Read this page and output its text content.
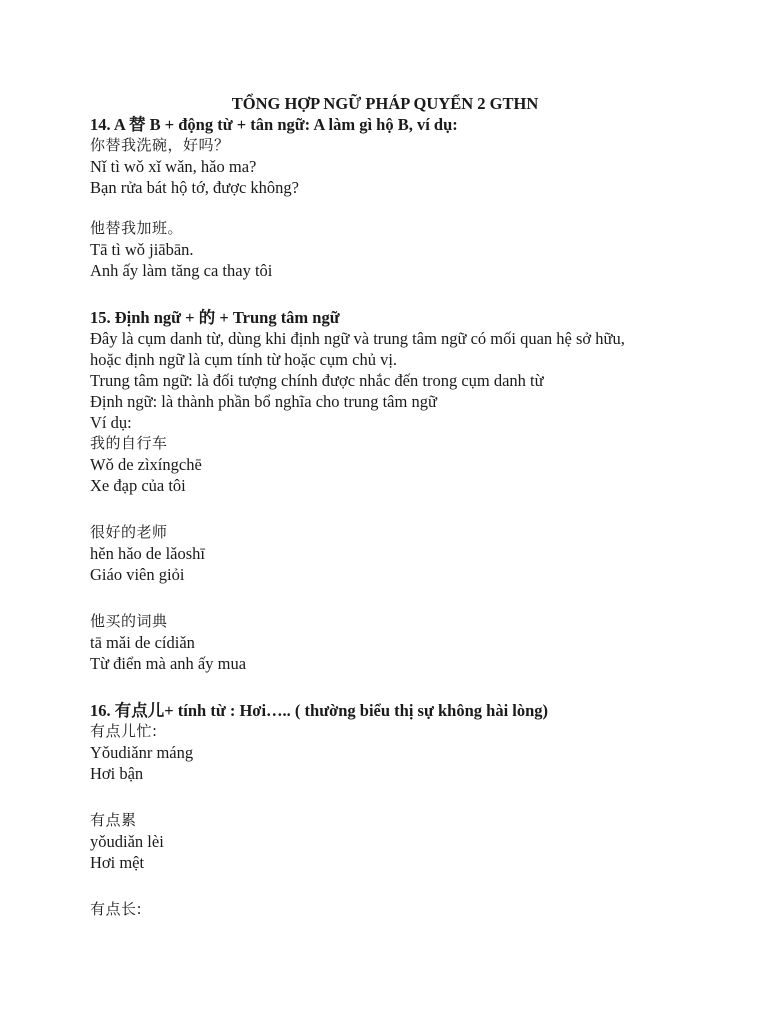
TỔNG HỢP NGỮ PHÁP QUYỂN 2 GTHN
14. A 替 B + động từ + tân ngữ: A làm gì hộ B, ví dụ:
你替我洗碗，好吗？
Nǐ tì wǒ xǐ wǎn, hǎo ma?
Bạn rửa bát hộ tớ, được không?
他替我加班。
Tā tì wǒ jiābān.
Anh ấy làm tăng ca thay tôi
15. Định ngữ + 的 + Trung tâm ngữ
Đây là cụm danh từ, dùng khi định ngữ và trung tâm ngữ có mối quan hệ sở hữu,
hoặc định ngữ là cụm tính từ hoặc cụm chủ vị.
Trung tâm ngữ: là đối tượng chính được nhắc đến trong cụm danh từ
Định ngữ: là thành phần bổ nghĩa cho trung tâm ngữ
Ví dụ:
我的自行车
Wǒ de zìxíngchē
Xe đạp của tôi
很好的老师
hěn hǎo de lǎoshī
Giáo viên giỏi
他买的词典
tā mǎi de cídiǎn
Từ điển mà anh ấy mua
16. 有点儿+ tính từ : Hơi….. ( thường biểu thị sự không hài lòng)
有点儿忙:
Yǒudiǎnr máng
Hơi bận
有点累
yǒudiǎn lèi
Hơi mệt
有点长:
